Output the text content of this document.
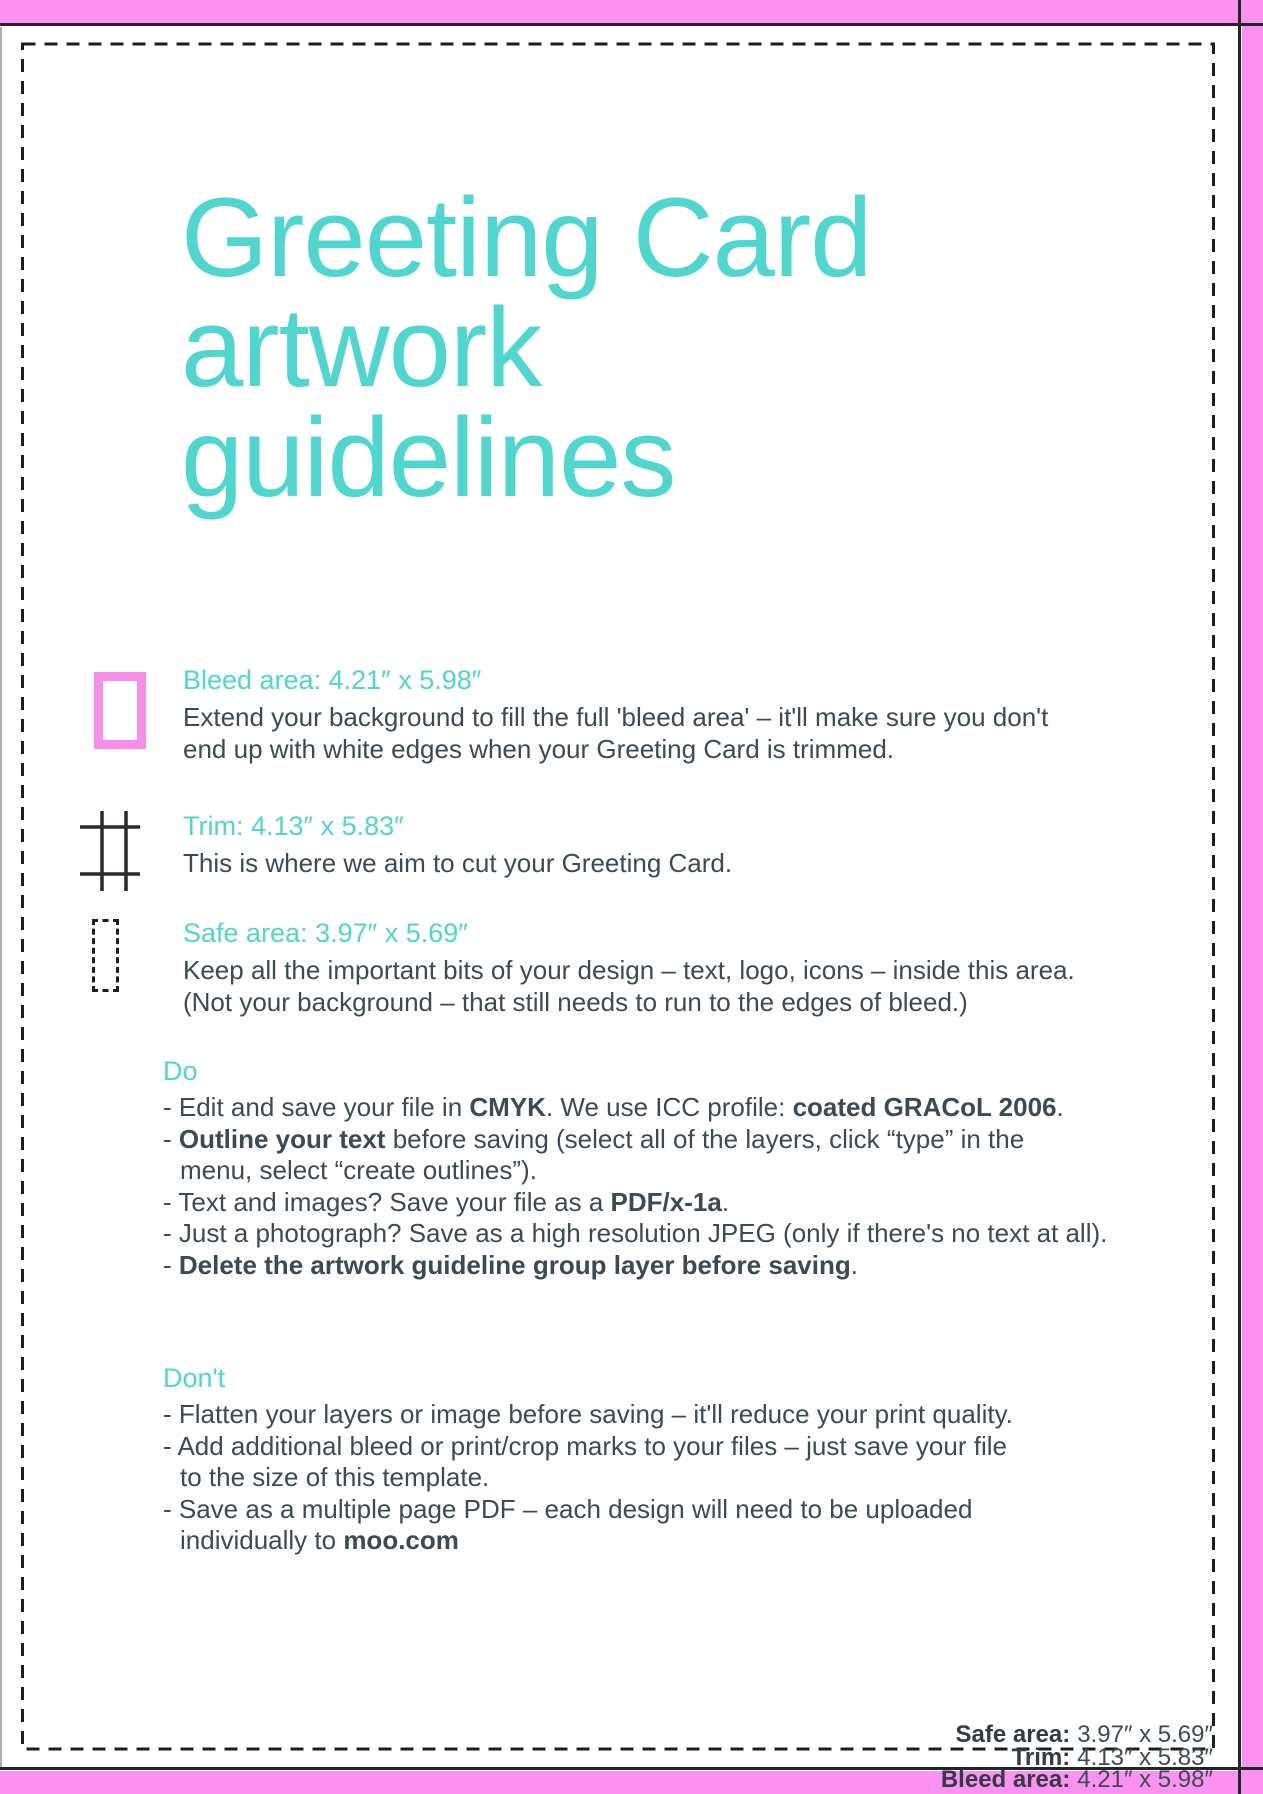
Greeting Card
artwork
guidelines
Bleed area: 4.21″ x 5.98″
Extend your background to fill the full 'bleed area' – it'll make sure you don't
end up with white edges when your Greeting Card is trimmed.
Trim: 4.13″ x 5.83″
This is where we aim to cut your Greeting Card.
Safe area: 3.97″ x 5.69″
Keep all the important bits of your design – text, logo, icons – inside this area.
(Not your background – that still needs to run to the edges of bleed.)
Do
- Edit and save your file in CMYK. We use ICC profile: coated GRACoL 2006.
- Outline your text before saving (select all of the layers, click “type” in the
menu, select “create outlines”).
- Text and images? Save your file as a PDF/x-1a.
- Just a photograph? Save as a high resolution JPEG (only if there's no text at all).
- Delete the artwork guideline group layer before saving.
Don't
- Flatten your layers or image before saving – it'll reduce your print quality.
- Add additional bleed or print/crop marks to your files – just save your file
to the size of this template.
- Save as a multiple page PDF – each design will need to be uploaded
individually to moo.com
Safe area: 3.97″ x 5.69″
Trim: 4.13″ x 5.83″
Bleed area: 4.21″ x 5.98″
